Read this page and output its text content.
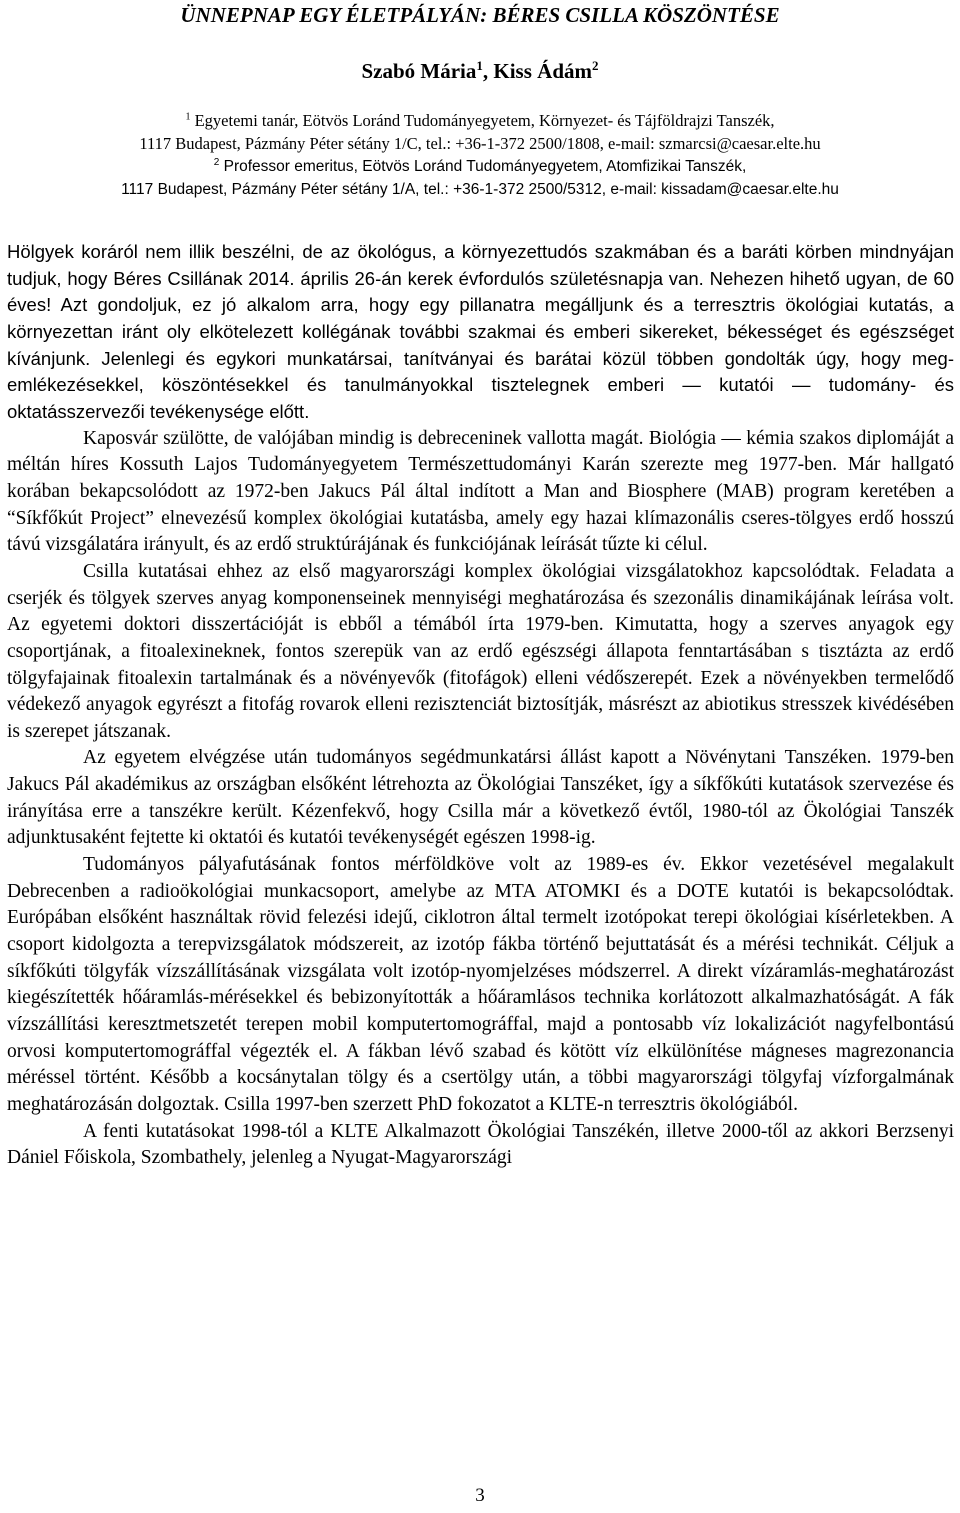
ÜNNEPNAP EGY ÉLETPÁLYÁN: BÉRES CSILLA KÖSZÖNTÉSE

Szabó Mária$^1$, Kiss Ádám$^2$

$^1$ Egyetemi tanár, Eötvös Loránd Tudományegyetem, Környezet- és Tájföldrajzi Tanszék,
1117 Budapest, Pázmány Péter sétány 1/C, tel.: +36-1-372 2500/1808, e-mail: szmarcsi@caesar.elte.hu
$^2$ Professor emeritus, Eötvös Loránd Tudományegyetem, Atomfizikai Tanszék,
1117 Budapest, Pázmány Péter sétány 1/A, tel.: +36-1-372 2500/5312, e-mail: kissadam@caesar.elte.hu

Hölgyek koráról nem illik beszélni, de az ökológus, a környezettudós szakmában és a baráti körben mindnyájan tudjuk, hogy Béres Csillának 2014. április 26-án kerek évfordulós születésnapja van. Nehezen hihető ugyan, de 60 éves! Azt gondoljuk, ez jó alkalom arra, hogy egy pillanatra megálljunk és a terresztris ökológiai kutatás, a környezettan iránt oly elkötelezett kollégának további szakmai és emberi sikereket, békességet és egészséget kívánjunk. Jelenlegi és egykori munkatársai, tanítványai és barátai közül többen gondolták úgy, hogy megemlékezésekkel, köszöntésekkel és tanulmányokkal tisztelegnek emberi — kutatói — tudomány- és oktatásszervezői tevékenysége előtt.

Kaposvár szülötte, de valójában mindig is debreceninek vallotta magát. Biológia — kémia szakos diplomáját a méltán híres Kossuth Lajos Tudományegyetem Természettudományi Karán szerezte meg 1977-ben. Már hallgató korában bekapcsolódott az 1972-ben Jakucs Pál által indított a Man and Biosphere (MAB) program keretében a “Síkfőkút Project” elnevezésű komplex ökológiai kutatásba, amely egy hazai klímazonális cseres-tölgyes erdő hosszú távú vizsgálatára irányult, és az erdő struktúrájának és funkciójának leírását tűzte ki célul.

Csilla kutatásai ehhez az első magyarországi komplex ökológiai vizsgálatokhoz kapcsolódtak. Feladata a cserjék és tölgyek szerves anyag komponenseinek mennyiségi meghatározása és szezonális dinamikájának leírása volt. Az egyetemi doktori disszertációját is ebből a témából írta 1979-ben. Kimutatta, hogy a szerves anyagok egy csoportjának, a fitoalexineknek, fontos szerepük van az erdő egészségi állapota fenntartásában s tisztázta az erdő tölgyfajainak fitoalexin tartalmának és a növényevők (fitofágok) elleni védőszerepét. Ezek a növényekben termelődő védekező anyagok egyrészt a fitofág rovarok elleni rezisztenciát biztosítják, másrészt az abiotikus stresszek kivédésében is szerepet játszanak.

Az egyetem elvégzése után tudományos segédmunkatársi állást kapott a Növénytani Tanszéken. 1979-ben Jakucs Pál akadémikus az országban elsőként létrehozta az Ökológiai Tanszéket, így a síkfőkúti kutatások szervezése és irányítása erre a tanszékre került. Kézenfekvő, hogy Csilla már a következő évtől, 1980-tól az Ökológiai Tanszék adjunktusaként fejtette ki oktatói és kutatói tevékenységét egészen 1998-ig.

Tudományos pályafutásának fontos mérföldköve volt az 1989-es év. Ekkor vezetésével megalakult Debrecenben a radioökológiai munkacsoport, amelybe az MTA ATOMKI és a DOTE kutatói is bekapcsolódtak. Európában elsőként használtak rövid felezési idejű, ciklotron által termelt izotópokat terepi ökológiai kísérletekben. A csoport kidolgozta a terepvizsgálatok módszereit, az izotóp fákba történő bejuttatását és a mérési technikát. Céljuk a síkfőkúti tölgyfák vízszállításának vizsgálata volt izotóp-nyomjelzéses módszerrel. A direkt vízáramlás-meghatározást kiegészítették hőáramlás-mérésekkel és bebizonyították a hőáramlásos technika korlátozott alkalmazhatóságát. A fák vízszállítási keresztmetszetét terepen mobil komputertomográffal, majd a pontosabb víz lokalizációt nagyfelbontású orvosi komputertomográffal végezték el. A fákban lévő szabad és kötött víz elkülönítése mágneses magrezonancia méréssel történt. Később a kocsánytalan tölgy és a csertölgy után, a többi magyarországi tölgyfaj vízforgalmának meghatározásán dolgoztak. Csilla 1997-ben szerzett PhD fokozatot a KLTE-n terresztris ökológiából.

A fenti kutatásokat 1998-tól a KLTE Alkalmazott Ökológiai Tanszékén, illetve 2000-től az akkori Berzsenyi Dániel Főiskola, Szombathely, jelenleg a Nyugat-Magyarországi

3
